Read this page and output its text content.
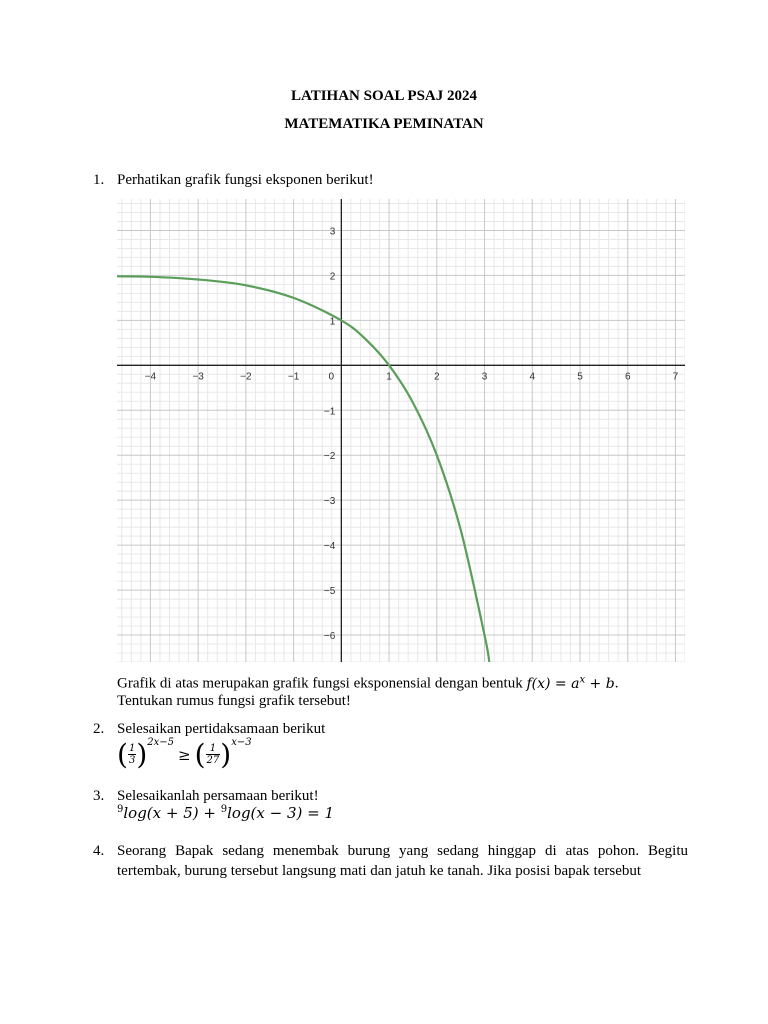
LATIHAN SOAL PSAJ 2024
MATEMATIKA PEMINATAN
1. Perhatikan grafik fungsi eksponen berikut!
−4	−3	−2	−1	0	1	2	3	4	5	6	7
3
2
1
−1
−2
−3
−4
−5
−6
Grafik di atas merupakan grafik fungsi eksponensial dengan bentuk $f(x) = a^x + b$.
Tentukan rumus fungsi grafik tersebut!
2. Selesaikan pertidaksamaan berikut
( $\frac{1}{3} )^{2x-5}\ge$ ( $\frac{1}{27} )^{x-3}$
3. Selesaikanlah persamaan berikut!
$^9$log(x + 5) + $^9$log(x − 3) = 1
4. Seorang Bapak sedang menembak burung yang sedang hinggap di atas pohon. Begitu tertembak, burung tersebut langsung mati dan jatuh ke tanah. Jika posisi bapak tersebut
